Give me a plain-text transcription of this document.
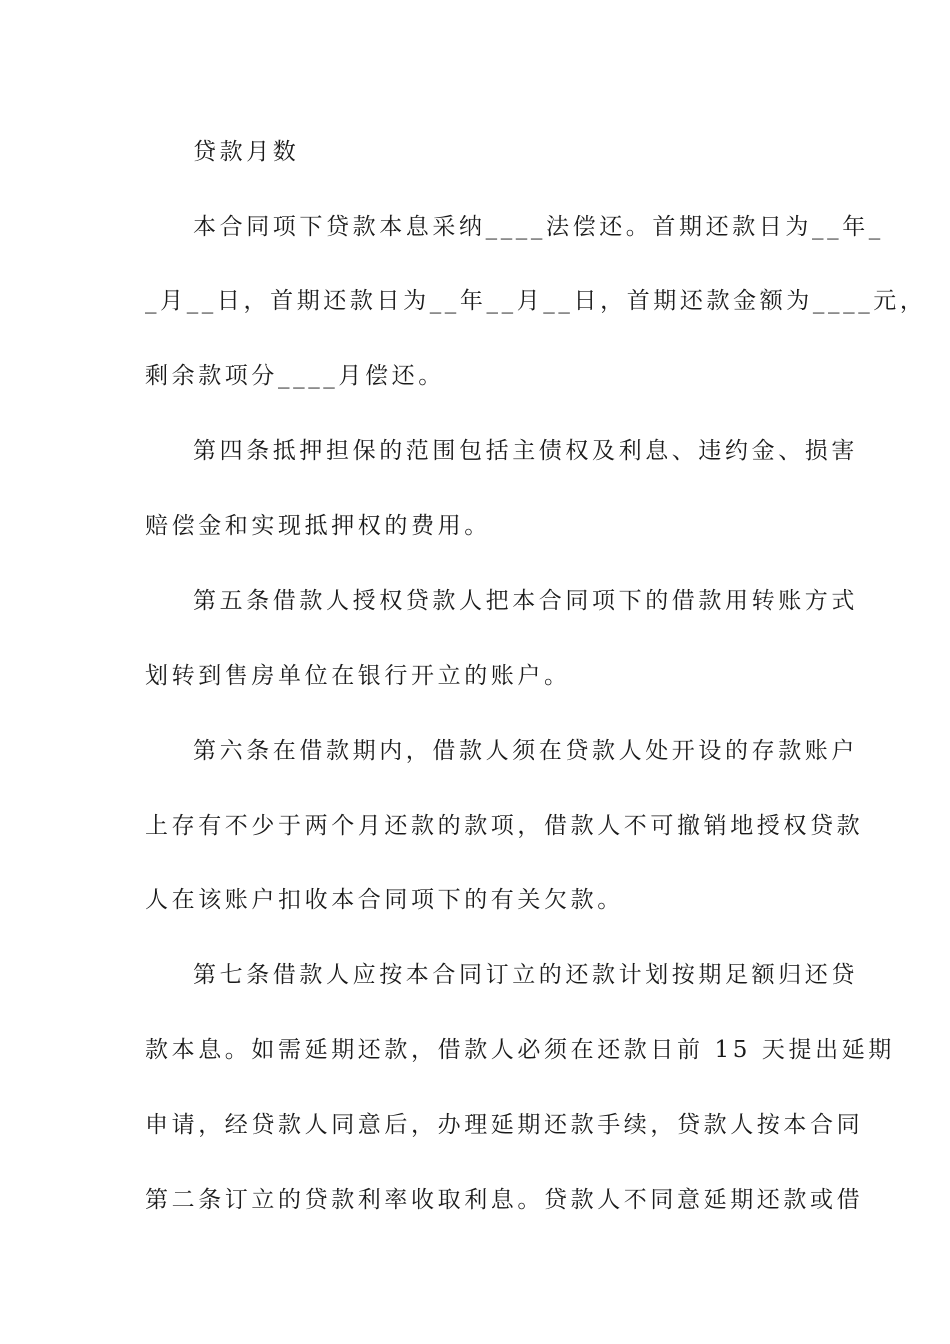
贷款月数

本合同项下贷款本息采纳____法偿还。首期还款日为__年_

_月__日，首期还款日为__年__月__日，首期还款金额为____元，

剩余款项分____月偿还。

第四条抵押担保的范围包括主债权及利息、违约金、损害

赔偿金和实现抵押权的费用。

第五条借款人授权贷款人把本合同项下的借款用转账方式

划转到售房单位在银行开立的账户。

第六条在借款期内，借款人须在贷款人处开设的存款账户

上存有不少于两个月还款的款项，借款人不可撤销地授权贷款

人在该账户扣收本合同项下的有关欠款。

第七条借款人应按本合同订立的还款计划按期足额归还贷

款本息。如需延期还款，借款人必须在还款日前 15 天提出延期

申请，经贷款人同意后，办理延期还款手续，贷款人按本合同

第二条订立的贷款利率收取利息。贷款人不同意延期还款或借
